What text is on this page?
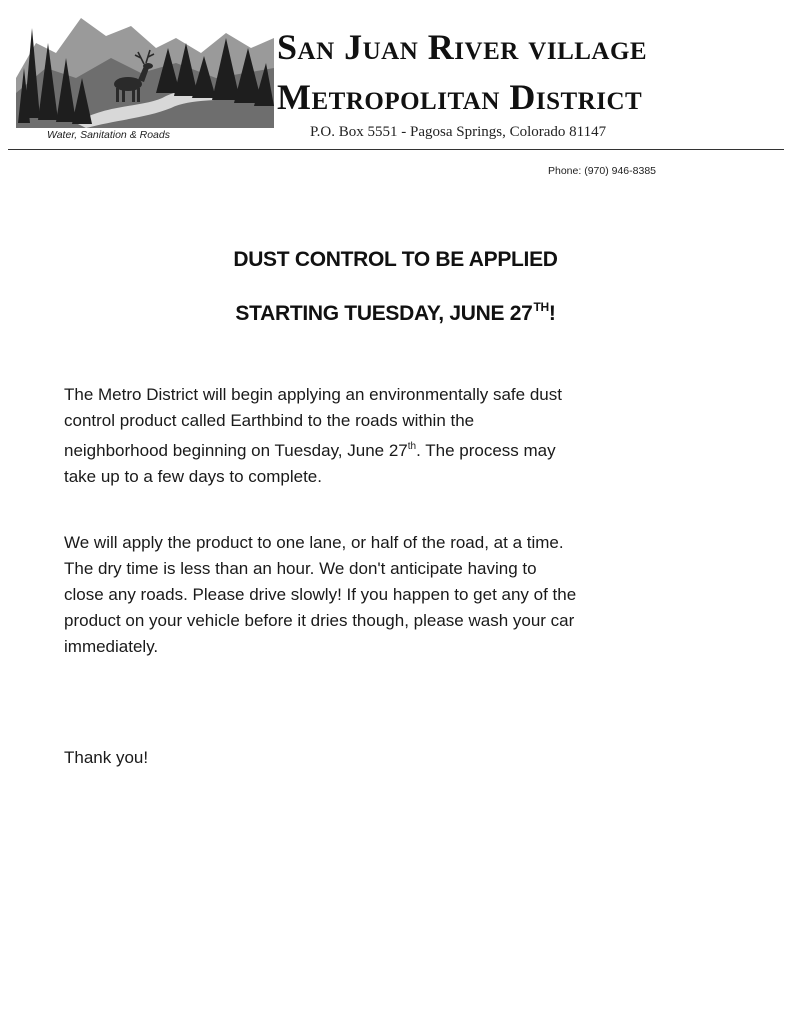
Water, Sanitation & Roads
San Juan River village
Metropolitan District
P.O. Box 5551 - Pagosa Springs, Colorado 81147
Phone: (970) 946-8385
DUST CONTROL TO BE APPLIED
STARTING TUESDAY, JUNE 27TH!
The Metro District will begin applying an environmentally safe dust
control product called Earthbind to the roads within the
neighborhood beginning on Tuesday, June 27th. The process may
take up to a few days to complete.
We will apply the product to one lane, or half of the road, at a time.
The dry time is less than an hour. We don't anticipate having to
close any roads. Please drive slowly! If you happen to get any of the
product on your vehicle before it dries though, please wash your car
immediately.
Thank you!
